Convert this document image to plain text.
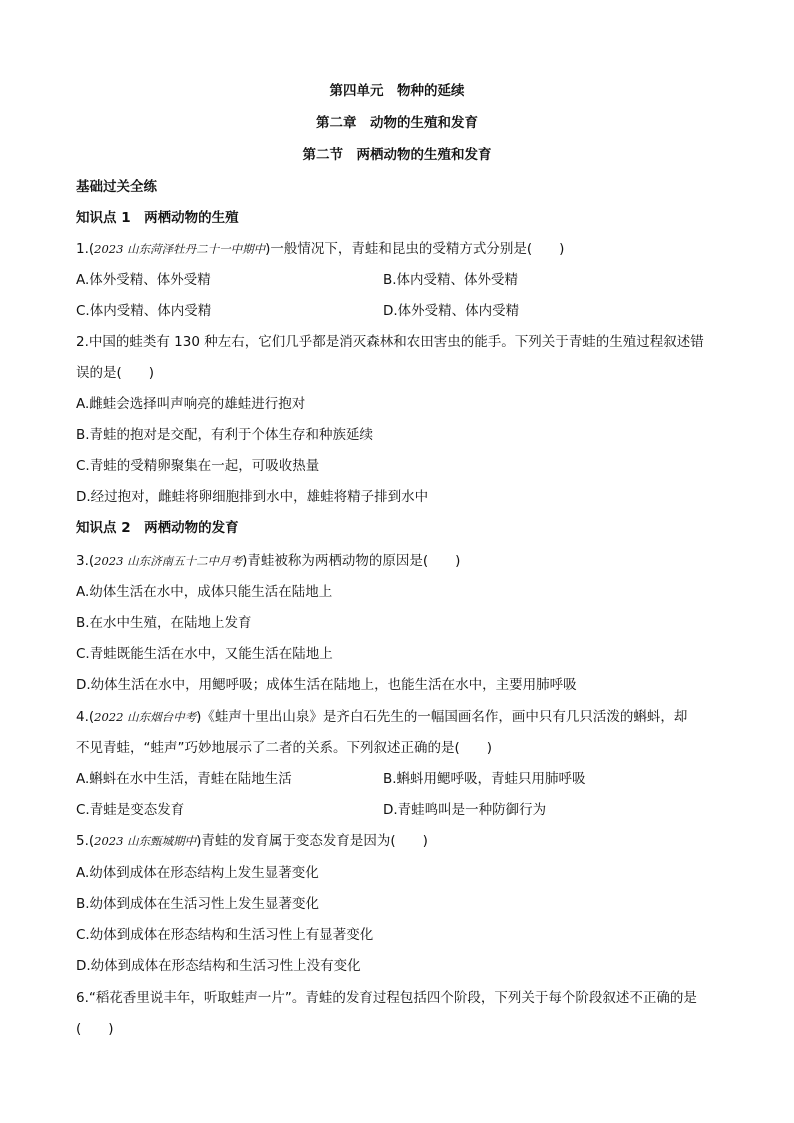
第四单元　物种的延续
第二章　动物的生殖和发育
第二节　两栖动物的生殖和发育
基础过关全练
知识点 1　两栖动物的生殖
1.(2023 山东菏泽牡丹二十一中期中)一般情况下，青蛙和昆虫的受精方式分别是(　　)
A.体外受精、体外受精	B.体内受精、体外受精
C.体内受精、体内受精	D.体外受精、体内受精
2.中国的蛙类有 130 种左右，它们几乎都是消灭森林和农田害虫的能手。下列关于青蛙的生殖过程叙述错
误的是(　　)
A.雌蛙会选择叫声响亮的雄蛙进行抱对
B.青蛙的抱对是交配，有利于个体生存和种族延续
C.青蛙的受精卵聚集在一起，可吸收热量
D.经过抱对，雌蛙将卵细胞排到水中，雄蛙将精子排到水中
知识点 2　两栖动物的发育
3.(2023 山东济南五十二中月考)青蛙被称为两栖动物的原因是(　　)
A.幼体生活在水中，成体只能生活在陆地上
B.在水中生殖，在陆地上发育
C.青蛙既能生活在水中，又能生活在陆地上
D.幼体生活在水中，用鳃呼吸；成体生活在陆地上，也能生活在水中，主要用肺呼吸
4.(2022 山东烟台中考)《蛙声十里出山泉》是齐白石先生的一幅国画名作，画中只有几只活泼的蝌蚪，却
不见青蛙，“蛙声”巧妙地展示了二者的关系。下列叙述正确的是(　　)
A.蝌蚪在水中生活，青蛙在陆地生活	B.蝌蚪用鳃呼吸，青蛙只用肺呼吸
C.青蛙是变态发育	D.青蛙鸣叫是一种防御行为
5.(2023 山东甄城期中)青蛙的发育属于变态发育是因为(　　)
A.幼体到成体在形态结构上发生显著变化
B.幼体到成体在生活习性上发生显著变化
C.幼体到成体在形态结构和生活习性上有显著变化
D.幼体到成体在形态结构和生活习性上没有变化
6.“稻花香里说丰年，听取蛙声一片”。青蛙的发育过程包括四个阶段，下列关于每个阶段叙述不正确的是
(　　)
